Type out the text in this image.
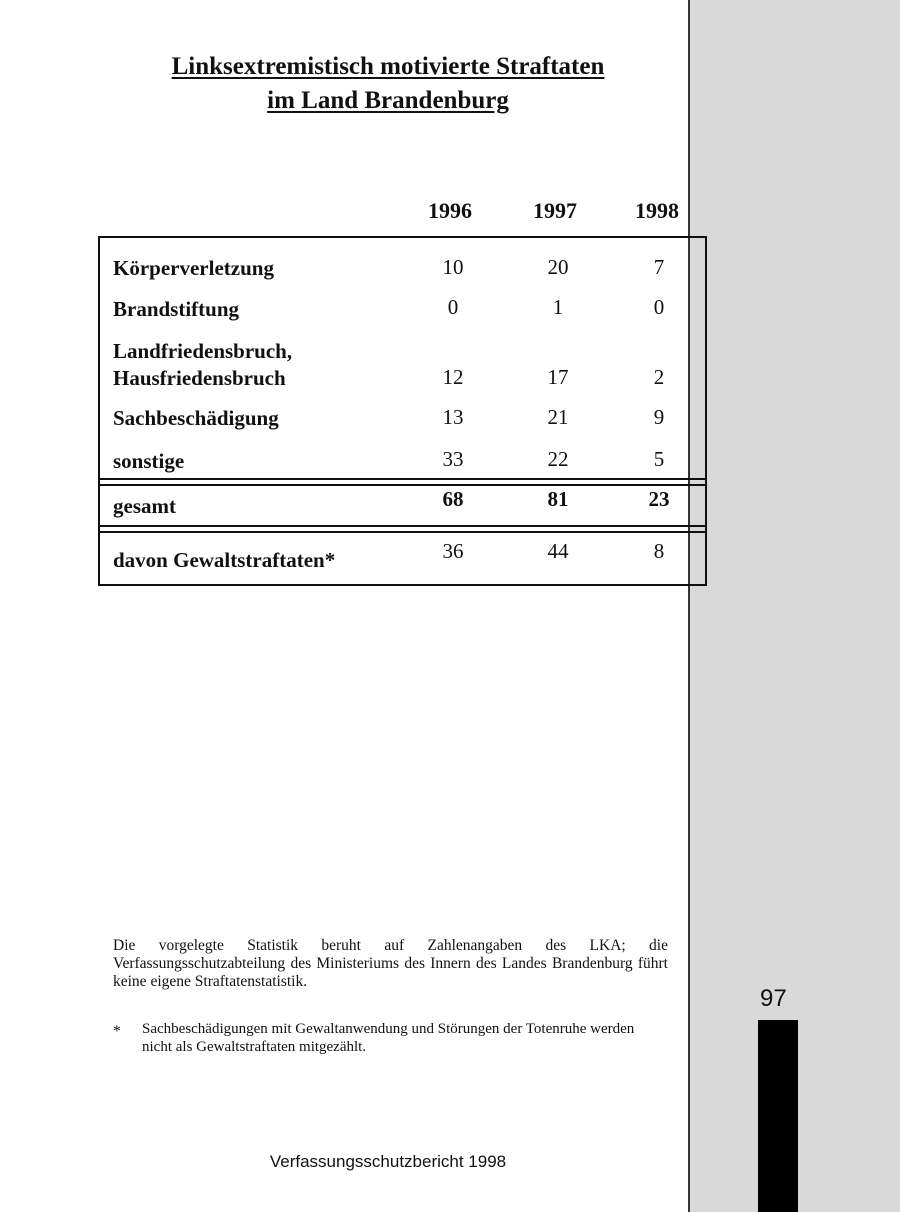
97
Linksextremistisch motivierte Straftaten
im Land Brandenburg
1996	1997	1998
Körperverletzung	10	20	7
Brandstiftung	0	1	0
Landfriedensbruch,
Hausfriedensbruch	12	17	2
Sachbeschädigung	13	21	9
sonstige	33	22	5
gesamt	68	81	23
davon Gewaltstraftaten*	36	44	8
Die vorgelegte Statistik beruht auf Zahlenangaben des LKA; die Verfassungsschutzabteilung des Ministeriums des Innern des Landes Brandenburg führt keine eigene Straftatenstatistik.
* Sachbeschädigungen mit Gewaltanwendung und Störungen der Totenruhe werden nicht als Gewaltstraftaten mitgezählt.
Verfassungsschutzbericht 1998
